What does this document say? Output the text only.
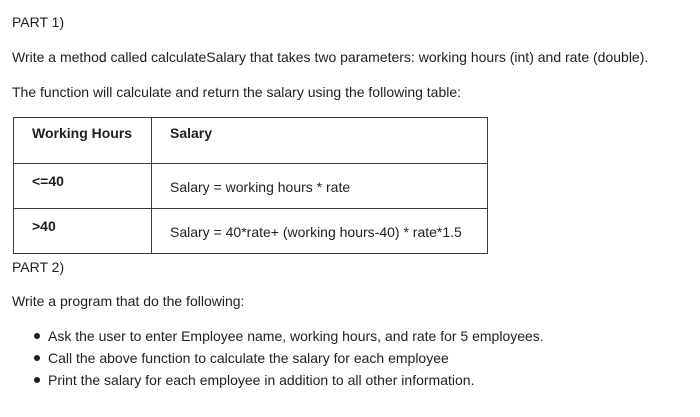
PART 1)

Write a method called calculateSalary that takes two parameters: working hours (int) and rate (double).

The function will calculate and return the salary using the following table:

Working Hours	Salary

<=40	Salary = working hours * rate

>40	Salary = 40*rate+ (working hours-40) * rate*1.5

PART 2)

Write a program that do the following:

Ask the user to enter Employee name, working hours, and rate for 5 employees.
Call the above function to calculate the salary for each employee
Print the salary for each employee in addition to all other information.
